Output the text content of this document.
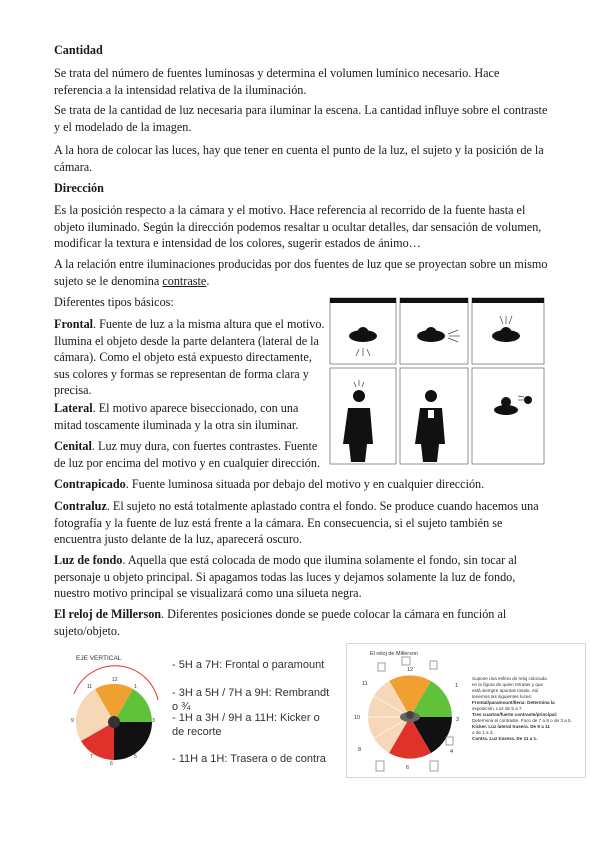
Cantidad

Se trata del número de fuentes luminosas y determina el volumen lumínico necesario. Hace referencia a la intensidad relativa de la iluminación.

Se trata de la cantidad de luz necesaria para iluminar la escena. La cantidad influye sobre el contraste y el modelado de la imagen.

A la hora de colocar las luces, hay que tener en cuenta el punto de la luz, el sujeto y la posición de la cámara.

Dirección

Es la posición respecto a la cámara y el motivo. Hace referencia al recorrido de la fuente hasta el objeto iluminado. Según la dirección podemos resaltar u ocultar detalles, dar sensación de volumen, modificar la textura e intensidad de los colores, sugerir estados de ánimo…

A la relación entre iluminaciones producidas por dos fuentes de luz que se proyectan sobre un mismo sujeto se le denomina contraste.

Diferentes tipos básicos:

Frontal. Fuente de luz a la misma altura que el motivo. Ilumina el objeto desde la parte delantera (lateral de la cámara). Como el objeto está expuesto directamente, sus colores y formas se representan de forma clara y precisa.

Lateral. El motivo aparece biseccionado, con una mitad toscamente iluminada y la otra sin iluminar.

Cenital. Luz muy dura, con fuertes contrastes. Fuente de luz por encima del motivo y en cualquier dirección.

Contrapicado. Fuente luminosa situada por debajo del motivo y en cualquier dirección.

Contraluz. El sujeto no está totalmente aplastado contra el fondo. Se produce cuando hacemos una fotografía y la fuente de luz está frente a la cámara. En consecuencia, si el sujeto también se encuentra justo delante de la luz, aparecerá oscuro.

Luz de fondo. Aquella que está colocada de modo que ilumina solamente el fondo, sin tocar al personaje u objeto principal. Si apagamos todas las luces y dejamos solamente la luz de fondo, nuestro motivo principal se visualizará como una silueta negra.

El reloj de Millerson. Diferentes posiciones donde se puede colocar la cámara en función al sujeto/objeto.

EJE VERTICAL
12
1
3
5
6
7
9
11
- 5H a 7H: Frontal o paramount
- 3H a 5H / 7H a 9H: Rembrandt o ¾
- 1H a 3H / 9H a 11H: Kicker o de recorte
- 11H a 1H: Trasera o de contra
El reloj de Millerson
12
11	1
10	3
8
6
4
Supone una esfera de reloj colocada
en la figura de quien retratas y que
está siempre apuntas tosalo. Así
tenemos las siguientes luces:
Frontal/paramount/llena: Determina la
exposición. Luz de 5 a 7.
Tres cuartos/fuerte contraste/principal:
Determina el contraste. Foco de 7 a 9 o de 3 a 5.
Kicker. Luz lateral trasera. De 9 a 11
o de 1 a 3.
Contra. Luz trasera. De 11 a 1.
